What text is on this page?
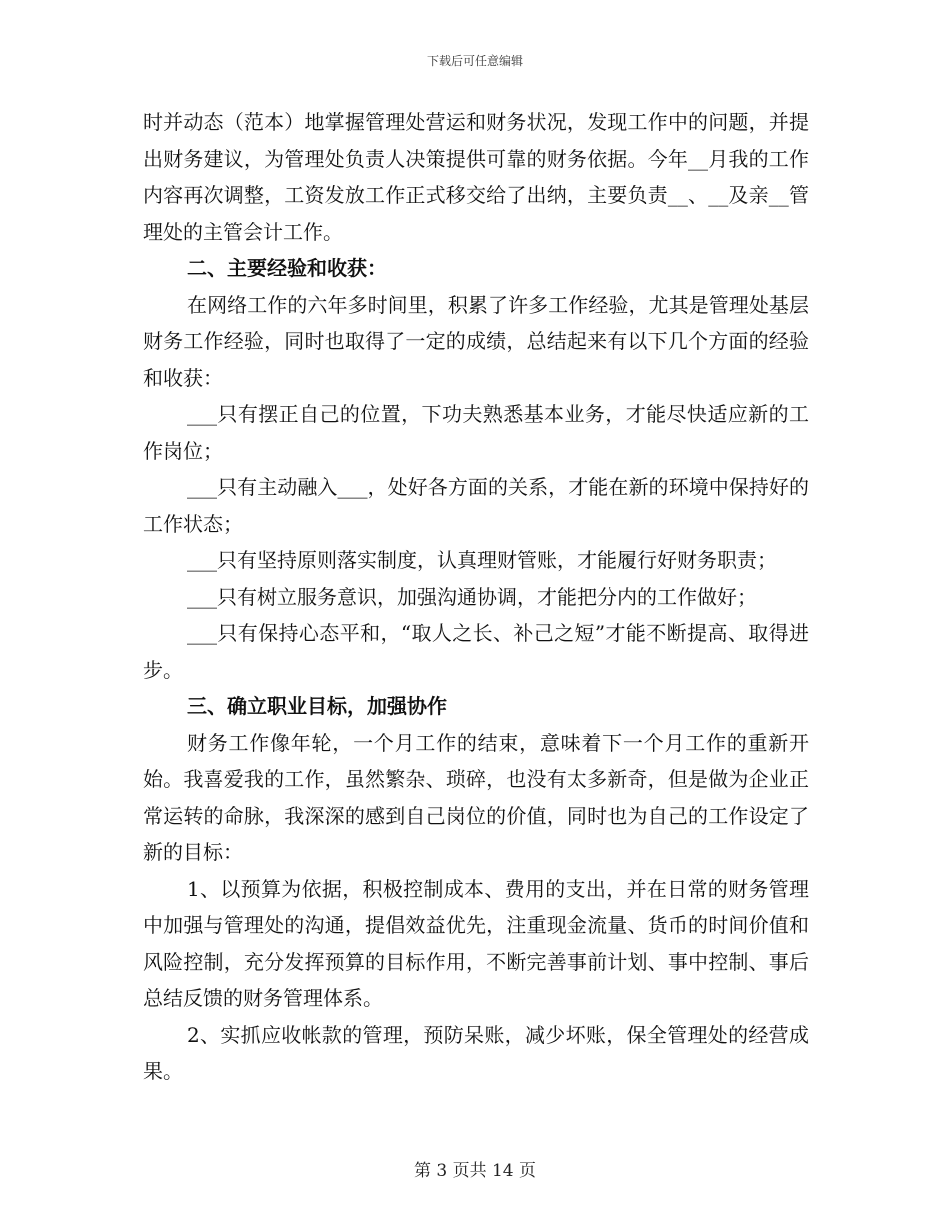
下载后可任意编辑

时并动态（范本）地掌握管理处营运和财务状况，发现工作中的问题，并提出财务建议，为管理处负责人决策提供可靠的财务依据。今年__月我的工作内容再次调整，工资发放工作正式移交给了出纳，主要负责__、__及亲__管理处的主管会计工作。

二、主要经验和收获：

在网络工作的六年多时间里，积累了许多工作经验，尤其是管理处基层财务工作经验，同时也取得了一定的成绩，总结起来有以下几个方面的经验和收获：

___只有摆正自己的位置，下功夫熟悉基本业务，才能尽快适应新的工作岗位；

___只有主动融入___，处好各方面的关系，才能在新的环境中保持好的工作状态；

___只有坚持原则落实制度，认真理财管账，才能履行好财务职责；

___只有树立服务意识，加强沟通协调，才能把分内的工作做好；

___只有保持心态平和，“取人之长、补己之短”才能不断提高、取得进步。

三、确立职业目标，加强协作

财务工作像年轮，一个月工作的结束，意味着下一个月工作的重新开始。我喜爱我的工作，虽然繁杂、琐碎，也没有太多新奇，但是做为企业正常运转的命脉，我深深的感到自己岗位的价值，同时也为自己的工作设定了新的目标：

1、以预算为依据，积极控制成本、费用的支出，并在日常的财务管理中加强与管理处的沟通，提倡效益优先，注重现金流量、货币的时间价值和风险控制，充分发挥预算的目标作用，不断完善事前计划、事中控制、事后总结反馈的财务管理体系。

2、实抓应收帐款的管理，预防呆账，减少坏账，保全管理处的经营成果。

第 3 页共 14 页
